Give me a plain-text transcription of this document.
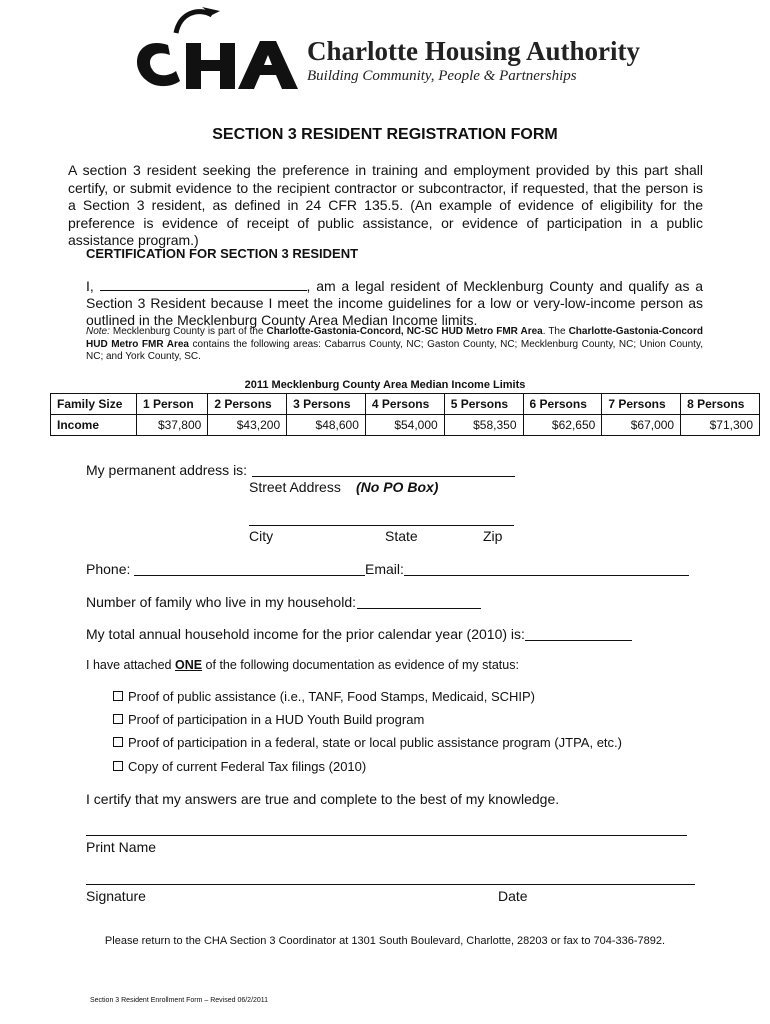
Charlotte Housing Authority
Building Community, People & Partnerships
SECTION 3 RESIDENT REGISTRATION FORM
A section 3 resident seeking the preference in training and employment provided by this part shall certify, or submit evidence to the recipient contractor or subcontractor, if requested, that the person is a Section 3 resident, as defined in 24 CFR 135.5. (An example of evidence of eligibility for the preference is evidence of receipt of public assistance, or evidence of participation in a public assistance program.)
CERTIFICATION FOR SECTION 3 RESIDENT
I,	, am a legal resident of Mecklenburg County and qualify as a Section 3 Resident because I meet the income guidelines for a low or very-low-income person as outlined in the Mecklenburg County Area Median Income limits.
Note: Mecklenburg County is part of the Charlotte-Gastonia-Concord, NC-SC HUD Metro FMR Area. The Charlotte-Gastonia-Concord HUD Metro FMR Area contains the following areas: Cabarrus County, NC; Gaston County, NC; Mecklenburg County, NC; Union County, NC; and York County, SC.
2011 Mecklenburg County Area Median Income Limits
Family Size	1 Person	2 Persons	3 Persons	4 Persons	5 Persons	6 Persons	7 Persons	8 Persons
Income	$37,800	$43,200	$48,600	$54,000	$58,350	$62,650	$67,000	$71,300
My permanent address is:
Street Address (No PO Box)
City	State	Zip
Phone:	Email:
Number of family who live in my household:
My total annual household income for the prior calendar year (2010) is:
I have attached ONE of the following documentation as evidence of my status:
Proof of public assistance (i.e., TANF, Food Stamps, Medicaid, SCHIP)
Proof of participation in a HUD Youth Build program
Proof of participation in a federal, state or local public assistance program (JTPA, etc.)
Copy of current Federal Tax filings (2010)
I certify that my answers are true and complete to the best of my knowledge.
Print Name
Signature	Date
Please return to the CHA Section 3 Coordinator at 1301 South Boulevard, Charlotte, 28203 or fax to 704-336-7892.
Section 3 Resident Enrollment Form – Revised 06/2/2011
